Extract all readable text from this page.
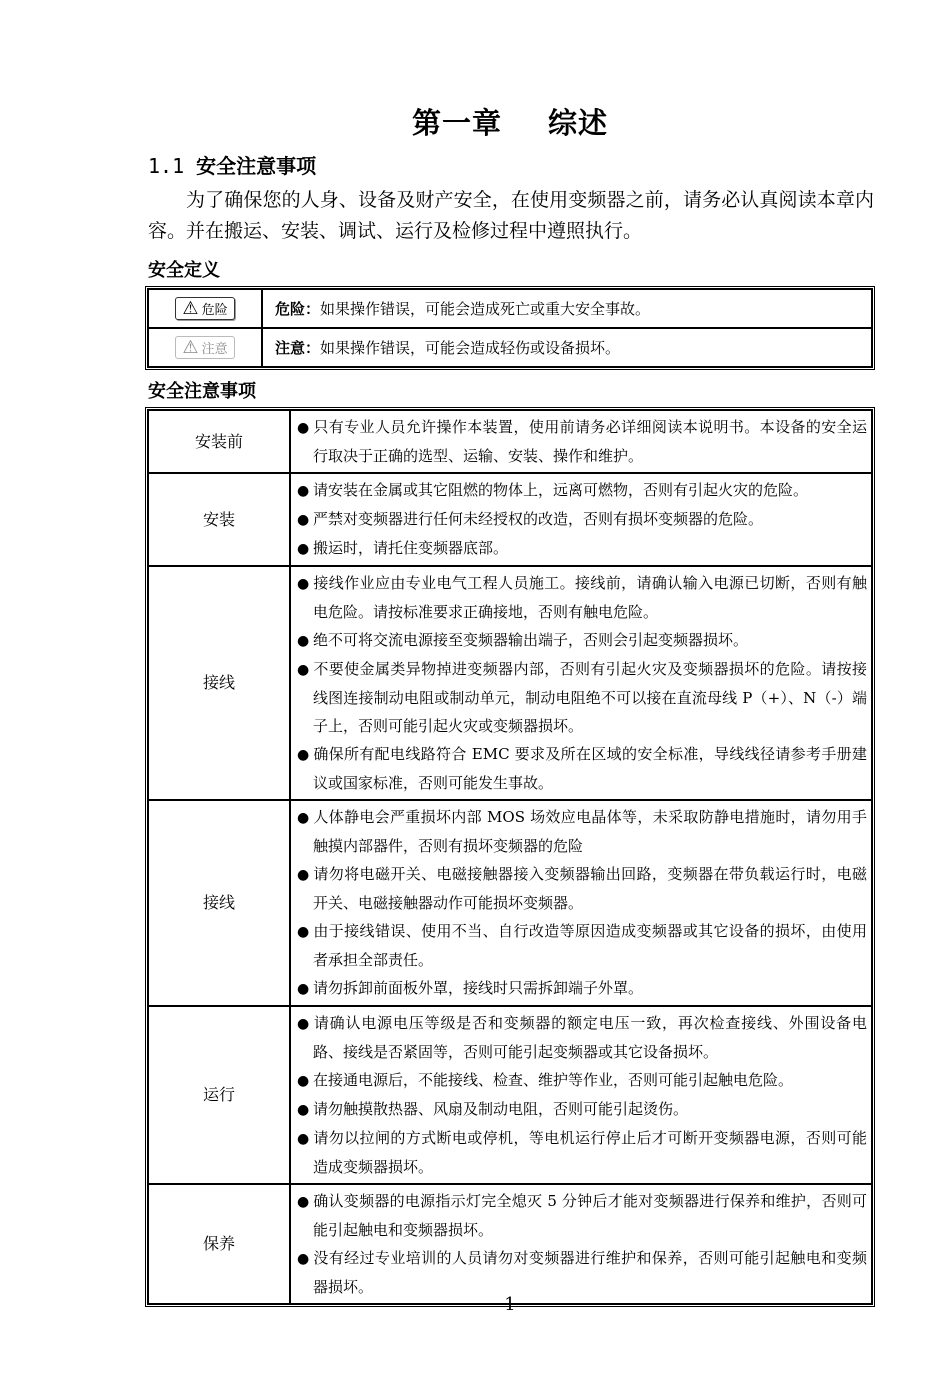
第一章 综述
1.1 安全注意事项
为了确保您的人身、设备及财产安全，在使用变频器之前，请务必认真阅读本章内容。并在搬运、安装、调试、运行及检修过程中遵照执行。
安全定义
⚠ 危险	危险：如果操作错误，可能会造成死亡或重大安全事故。

⚠ 注意	注意：如果操作错误，可能会造成轻伤或设备损坏。
安全注意事项
安装前	● 只有专业人员允许操作本装置，使用前请务必详细阅读本说明书。本设备的安全运行取决于正确的选型、运输、安装、操作和维护。

安装	● 请安装在金属或其它阻燃的物体上，远离可燃物，否则有引起火灾的危险。
● 严禁对变频器进行任何未经授权的改造，否则有损坏变频器的危险。
● 搬运时，请托住变频器底部。

接线	● 接线作业应由专业电气工程人员施工。接线前，请确认输入电源已切断，否则有触电危险。请按标准要求正确接地，否则有触电危险。
● 绝不可将交流电源接至变频器输出端子，否则会引起变频器损坏。
● 不要使金属类异物掉进变频器内部，否则有引起火灾及变频器损坏的危险。请按接线图连接制动电阻或制动单元，制动电阻绝不可以接在直流母线 P（+）、N（-）端子上，否则可能引起火灾或变频器损坏。
● 确保所有配电线路符合 EMC 要求及所在区域的安全标准，导线线径请参考手册建议或国家标准，否则可能发生事故。

接线	● 人体静电会严重损坏内部 MOS 场效应电晶体等，未采取防静电措施时，请勿用手触摸内部器件，否则有损坏变频器的危险
● 请勿将电磁开关、电磁接触器接入变频器输出回路，变频器在带负载运行时，电磁开关、电磁接触器动作可能损坏变频器。
● 由于接线错误、使用不当、自行改造等原因造成变频器或其它设备的损坏，由使用者承担全部责任。
● 请勿拆卸前面板外罩，接线时只需拆卸端子外罩。

运行	● 请确认电源电压等级是否和变频器的额定电压一致，再次检查接线、外围设备电路、接线是否紧固等，否则可能引起变频器或其它设备损坏。
● 在接通电源后，不能接线、检查、维护等作业，否则可能引起触电危险。
● 请勿触摸散热器、风扇及制动电阻，否则可能引起烫伤。
● 请勿以拉闸的方式断电或停机，等电机运行停止后才可断开变频器电源，否则可能造成变频器损坏。

保养	● 确认变频器的电源指示灯完全熄灭 5 分钟后才能对变频器进行保养和维护，否则可能引起触电和变频器损坏。
● 没有经过专业培训的人员请勿对变频器进行维护和保养，否则可能引起触电和变频器损坏。
1
